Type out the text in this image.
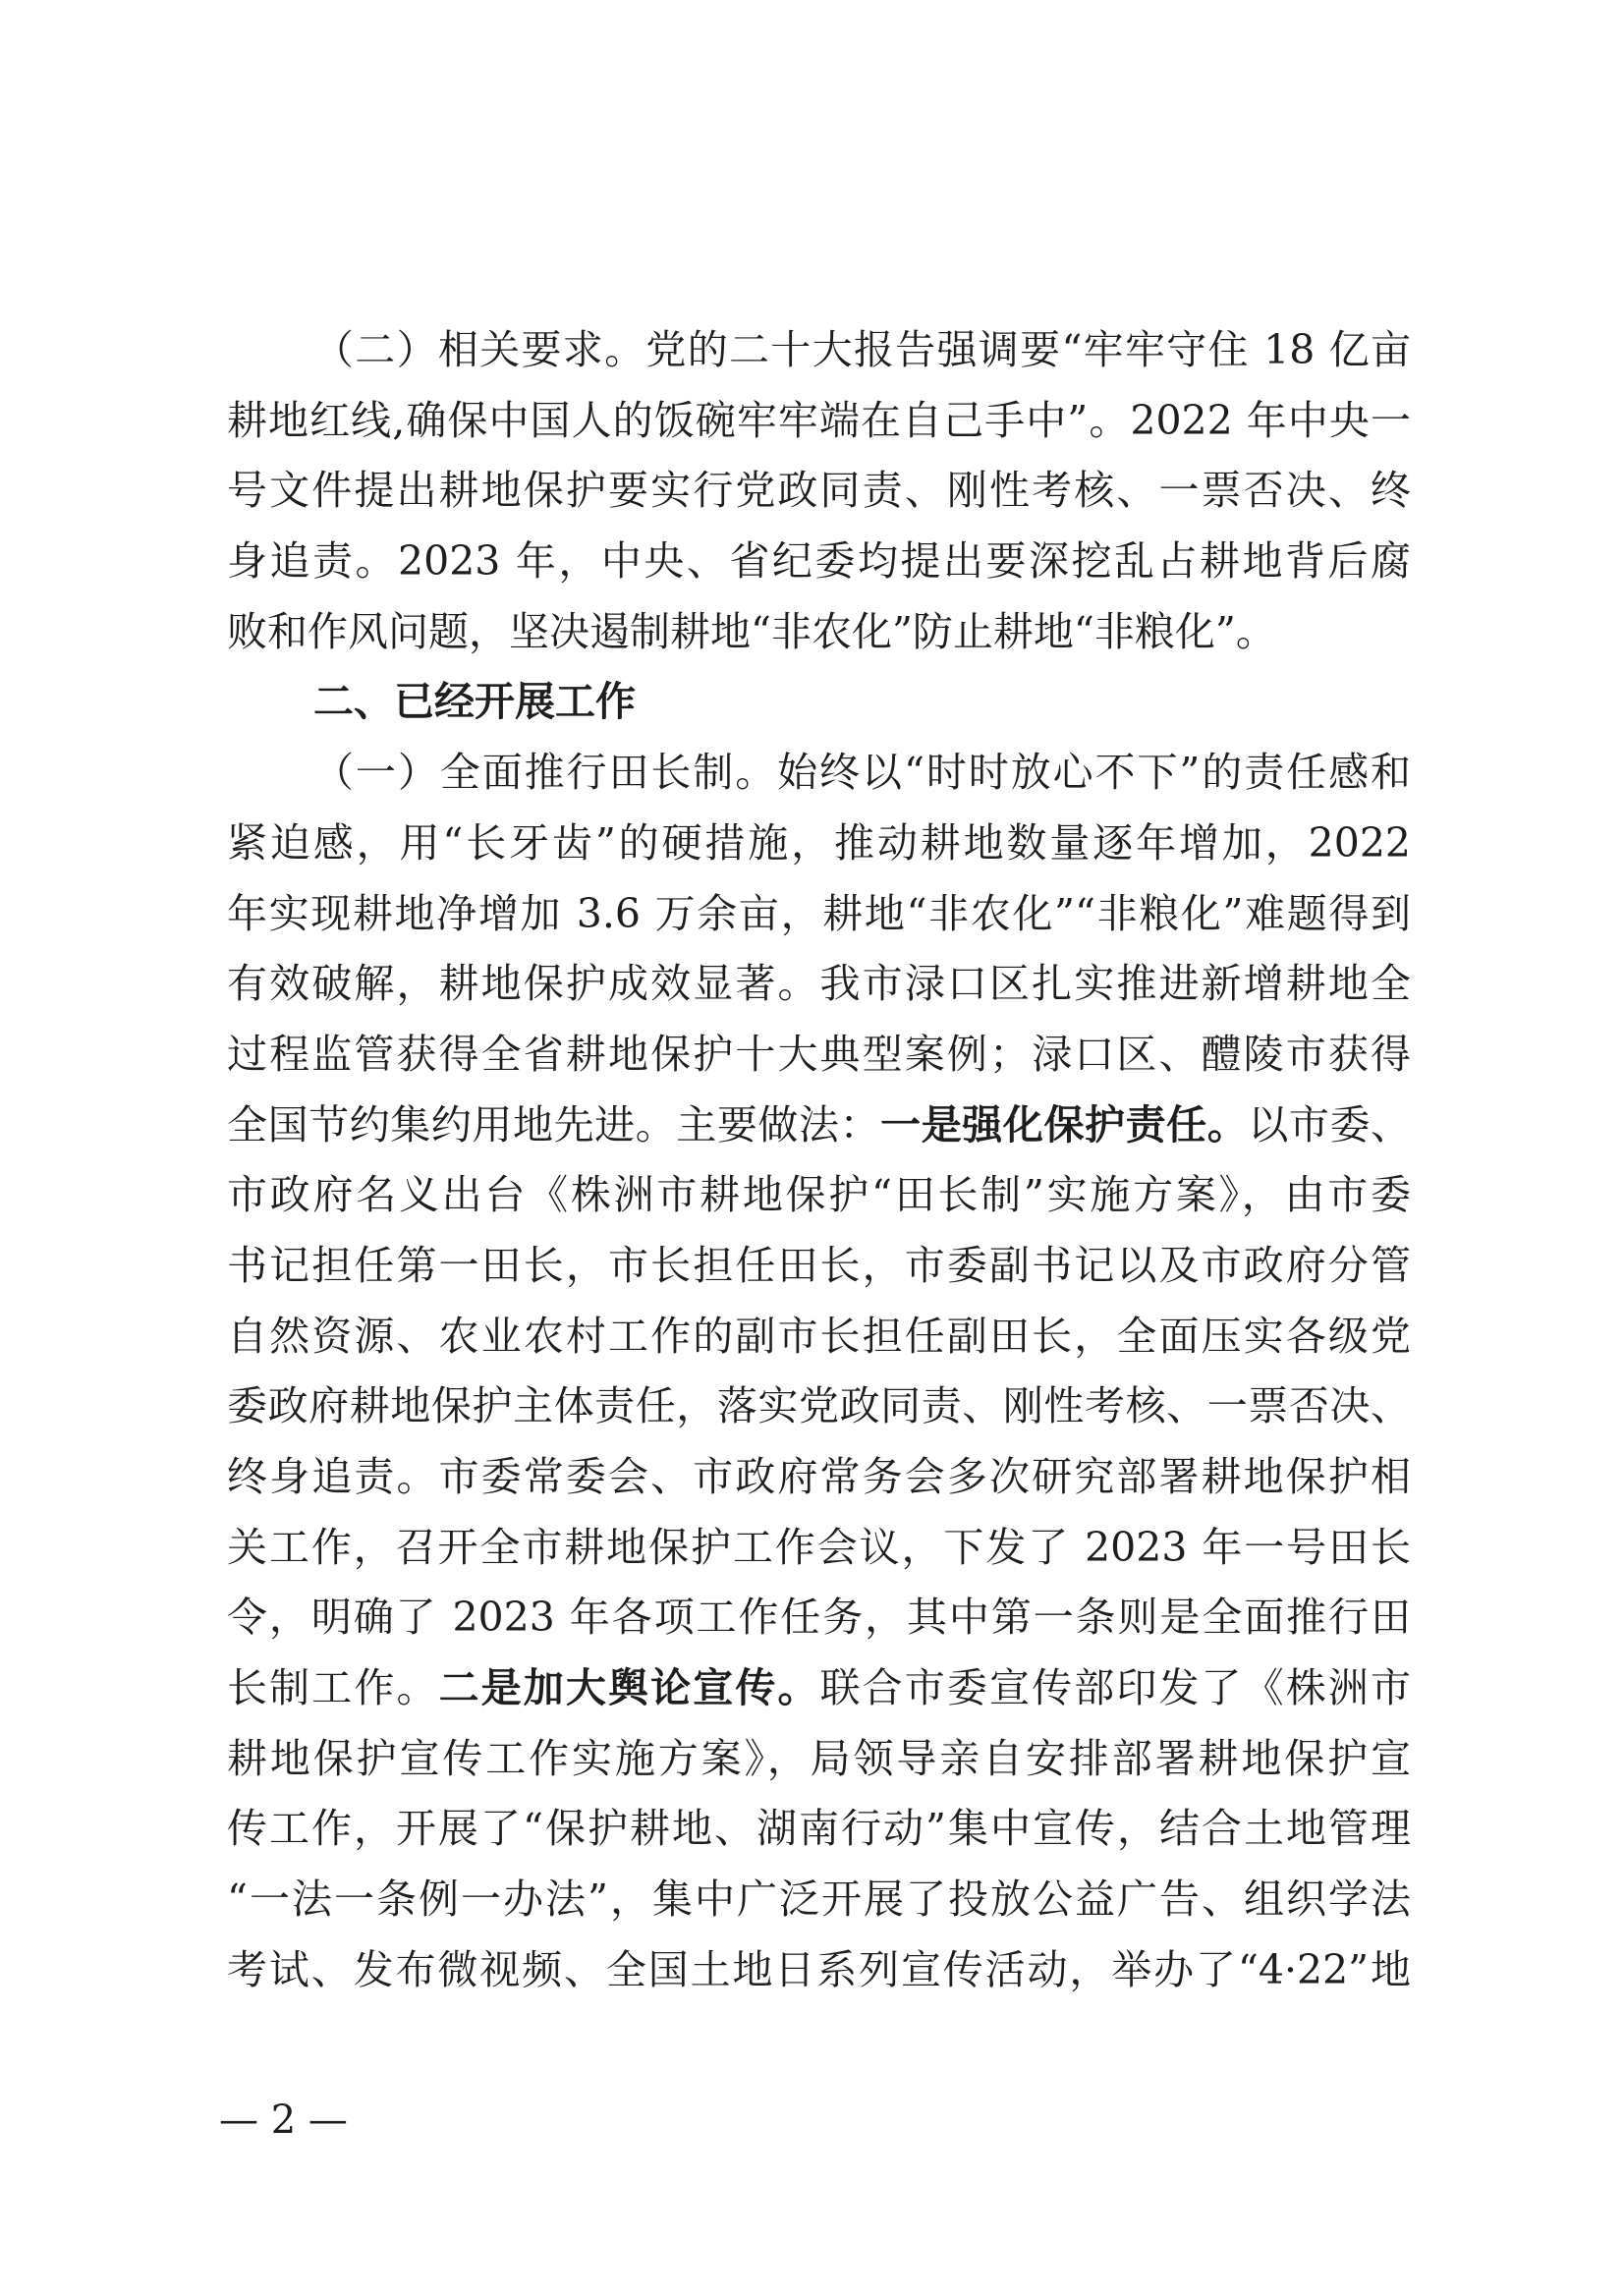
（二）相关要求。党的二十大报告强调要“牢牢守住 18 亿亩
耕地红线,确保中国人的饭碗牢牢端在自己手中”。2022 年中央一
号文件提出耕地保护要实行党政同责、刚性考核、一票否决、终
身追责。2023 年，中央、省纪委均提出要深挖乱占耕地背后腐
败和作风问题，坚决遏制耕地“非农化”防止耕地“非粮化”。
二、已经开展工作
（一）全面推行田长制。始终以“时时放心不下”的责任感和
紧迫感，用“长牙齿”的硬措施，推动耕地数量逐年增加，2022
年实现耕地净增加 3.6 万余亩，耕地“非农化”“非粮化”难题得到
有效破解，耕地保护成效显著。我市渌口区扎实推进新增耕地全
过程监管获得全省耕地保护十大典型案例；渌口区、醴陵市获得
全国节约集约用地先进。主要做法：一是强化保护责任。以市委、
市政府名义出台《株洲市耕地保护“田长制”实施方案》，由市委
书记担任第一田长，市长担任田长，市委副书记以及市政府分管
自然资源、农业农村工作的副市长担任副田长，全面压实各级党
委政府耕地保护主体责任，落实党政同责、刚性考核、一票否决、
终身追责。市委常委会、市政府常务会多次研究部署耕地保护相
关工作，召开全市耕地保护工作会议，下发了 2023 年一号田长
令，明确了 2023 年各项工作任务，其中第一条则是全面推行田
长制工作。二是加大舆论宣传。联合市委宣传部印发了《株洲市
耕地保护宣传工作实施方案》，局领导亲自安排部署耕地保护宣
传工作，开展了“保护耕地、湖南行动”集中宣传，结合土地管理
“一法一条例一办法”，集中广泛开展了投放公益广告、组织学法
考试、发布微视频、全国土地日系列宣传活动，举办了“4·22”地
— 2 —
